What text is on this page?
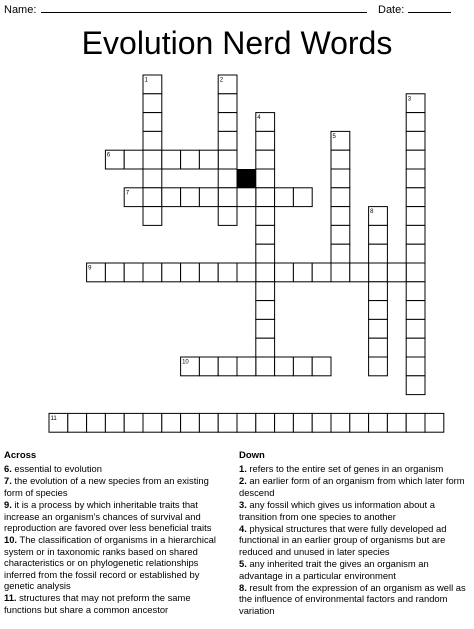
Name:	Date:
Evolution Nerd Words
1	2
3
4
5
6
7
8
9
10
11
Across
6. essential to evolution
7. the evolution of a new species from an existing form of species
9. it is a process by which inheritable traits that increase an organism's chances of survival and reproduction are favored over less beneficial traits
10. The classification of organisms in a hierarchical system or in taxonomic ranks based on shared characteristics or on phylogenetic relationships inferred from the fossil record or established by genetic analysis
11. structures that may not preform the same functions but share a common ancestor
Down
1. refers to the entire set of genes in an organism
2. an earlier form of an organism from which later form descend
3. any fossil which gives us information about a transition from one species to another
4. physical structures that were fully developed ad functional in an earlier group of organisms but are reduced and unused in later species
5. any inherited trait the gives an organism an advantage in a particular environment
8. result from the expression of an organism as well as the influence of environmental factors and random variation
